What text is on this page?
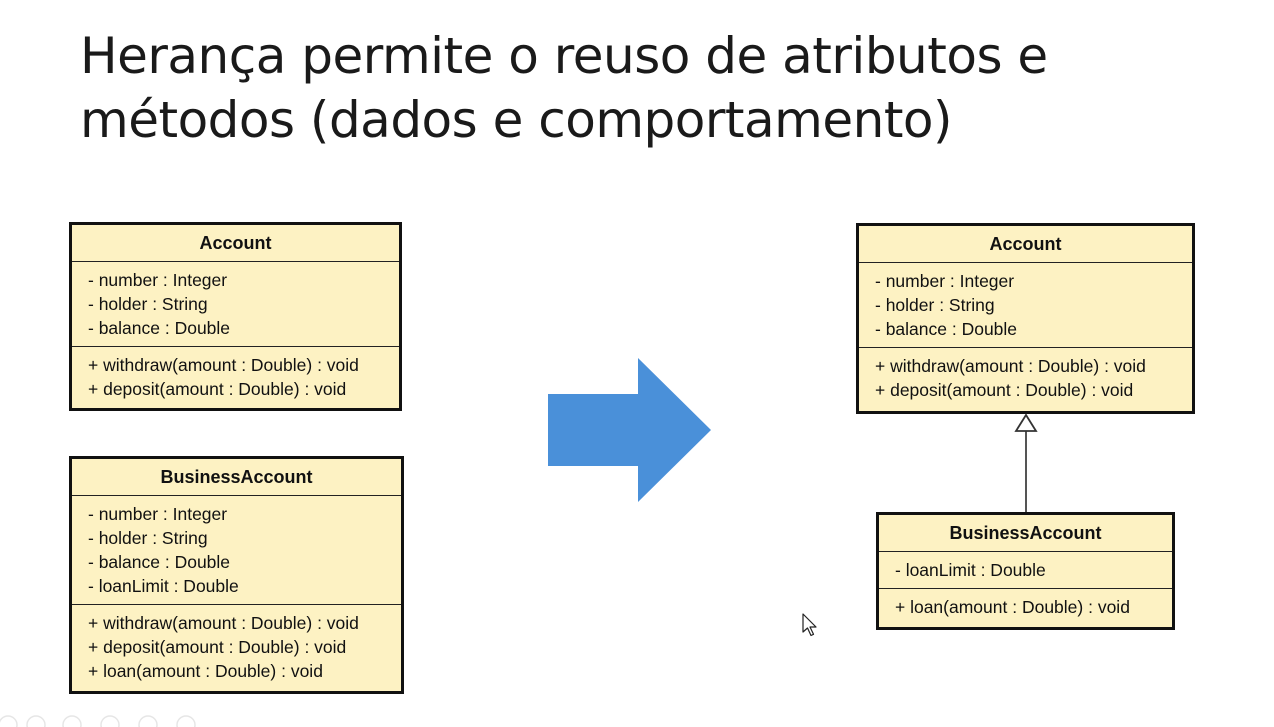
Herança permite o reuso de atributos e
métodos (dados e comportamento)
Account
- number : Integer
- holder : String
- balance : Double
+ withdraw(amount : Double) : void
+ deposit(amount : Double) : void
BusinessAccount
- number : Integer
- holder : String
- balance : Double
- loanLimit : Double
+ withdraw(amount : Double) : void
+ deposit(amount : Double) : void
+ loan(amount : Double) : void
Account
- number : Integer
- holder : String
- balance : Double
+ withdraw(amount : Double) : void
+ deposit(amount : Double) : void
BusinessAccount
- loanLimit : Double
+ loan(amount : Double) : void
